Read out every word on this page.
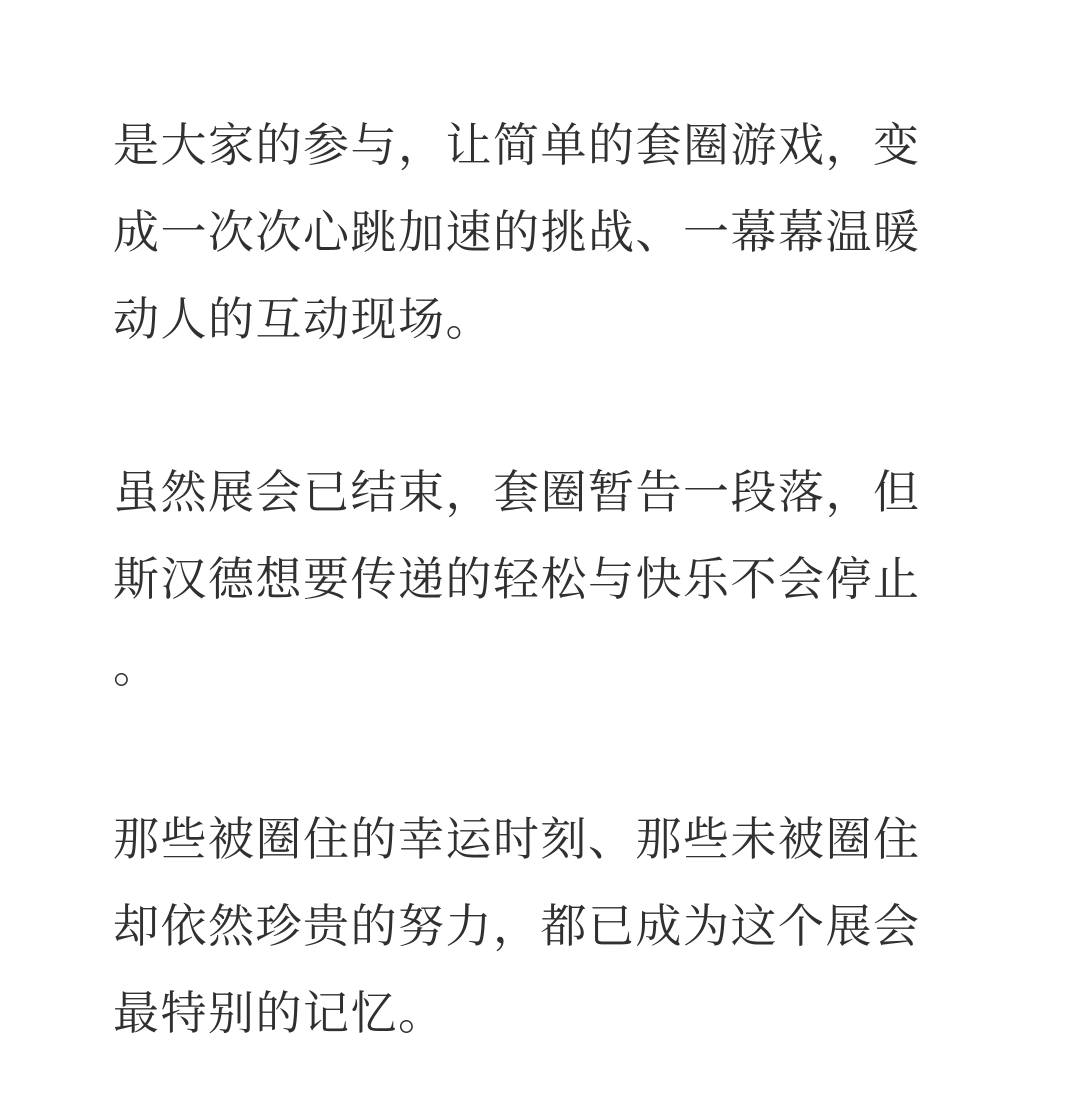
是大家的参与，让简单的套圈游戏，变
成一次次心跳加速的挑战、一幕幕温暖
动人的互动现场。
虽然展会已结束，套圈暂告一段落，但
斯汉德想要传递的轻松与快乐不会停止
。
那些被圈住的幸运时刻、那些未被圈住
却依然珍贵的努力，都已成为这个展会
最特别的记忆。
